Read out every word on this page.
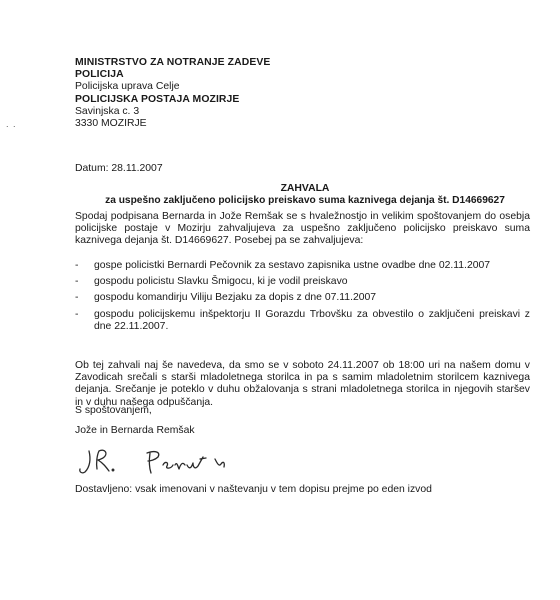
. .
MINISTRSTVO ZA NOTRANJE ZADEVE
POLICIJA
Policijska uprava Celje
POLICIJSKA POSTAJA MOZIRJE
Savinjska c. 3
3330 MOZIRJE
Datum: 28.11.2007
ZAHVALA
za uspešno zaključeno policijsko preiskavo suma kaznivega dejanja št. D14669627
Spodaj podpisana Bernarda in Jože Remšak se s hvaležnostjo in velikim spoštovanjem do osebja policijske postaje v Mozirju zahvaljujeva za uspešno zaključeno policijsko preiskavo suma kaznivega dejanja št. D14669627. Posebej pa se zahvaljujeva:
- gospe policistki Bernardi Pečovnik za sestavo zapisnika ustne ovadbe dne 02.11.2007
- gospodu policistu Slavku Šmigocu, ki je vodil preiskavo
- gospodu komandirju Viliju Bezjaku za dopis z dne 07.11.2007
- gospodu policijskemu inšpektorju II Gorazdu Trbovšku za obvestilo o zaključeni preiskavi z dne 22.11.2007.
Ob tej zahvali naj še navedeva, da smo se v soboto 24.11.2007 ob 18:00 uri na našem domu v Zavodicah srečali s starši mladoletnega storilca in pa s samim mladoletnim storilcem kaznivega dejanja. Srečanje je poteklo v duhu obžalovanja s strani mladoletnega storilca in njegovih staršev in v duhu našega odpuščanja.
S spoštovanjem,
Jože in Bernarda Remšak
Dostavljeno: vsak imenovani v naštevanju v tem dopisu prejme po eden izvod
